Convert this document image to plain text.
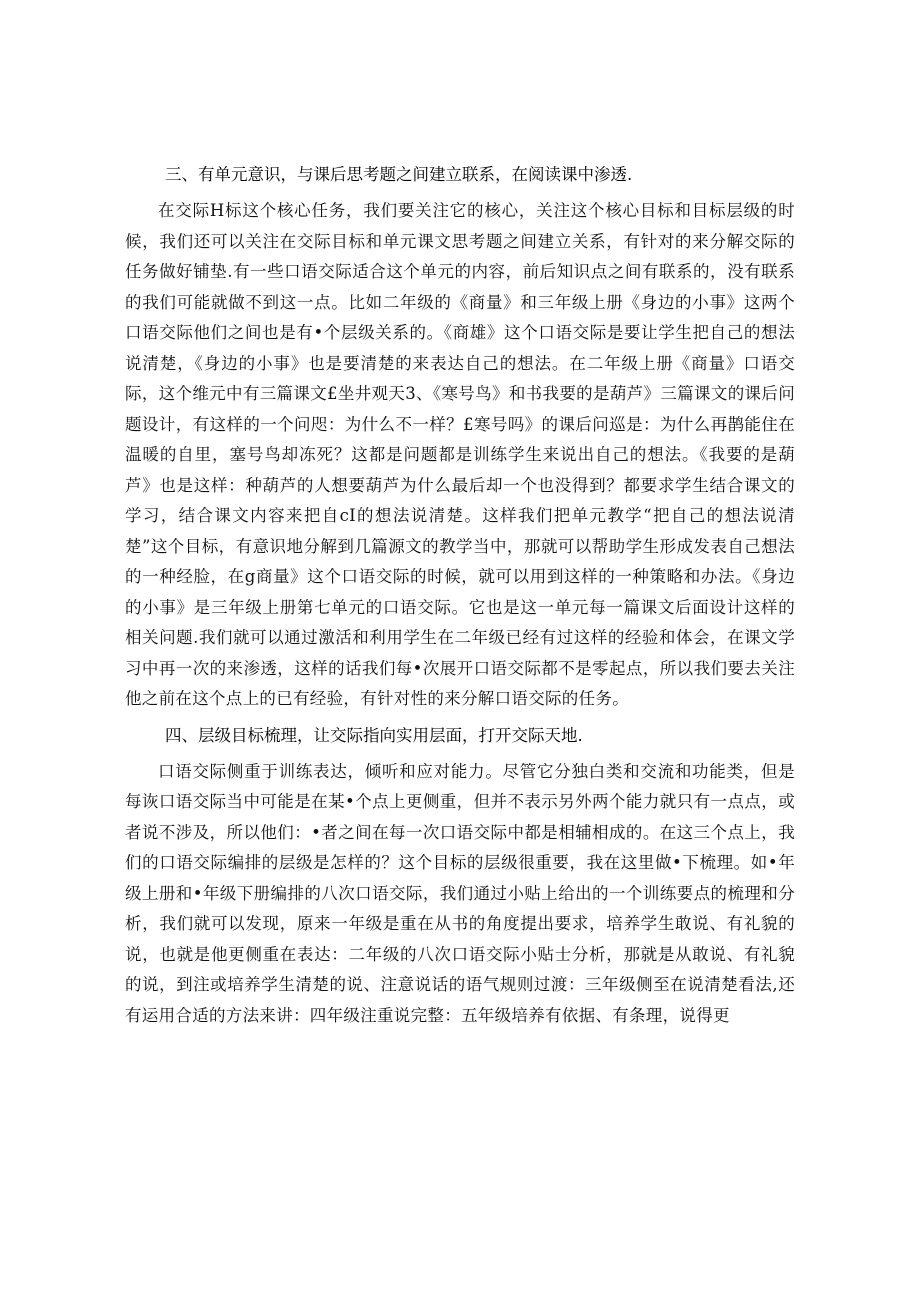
三、有单元意识，与课后思考题之间建立联系，在阅读课中渗透.

在交际H标这个核心任务，我们要关注它的核心，关注这个核心目标和目标层级的时候，我们还可以关注在交际目标和单元课文思考题之间建立关系，有针对的来分解交际的任务做好铺垫.有一些口语交际适合这个单元的内容，前后知识点之间有联系的，没有联系的我们可能就做不到这一点。比如二年级的《商量》和三年级上册《身边的小事》这两个口语交际他们之间也是有•个层级关系的。《商雄》这个口语交际是要让学生把自己的想法说清楚，《身边的小事》也是要清楚的来表达自己的想法。在二年级上册《商量》口语交际，这个维元中有三篇课文£坐井观天3、《寒号鸟》和书我要的是葫芦》三篇课文的课后问题设计，有这样的一个问咫：为什么不一样？£寒号吗》的课后问巡是：为什么再鹊能住在温暖的自里，塞号鸟却冻死？这都是问题都是训练学生来说出自己的想法。《我要的是葫芦》也是这样：种葫芦的人想要葫芦为什么最后却一个也没得到？都要求学生结合课文的学习，结合课文内容来把自cI的想法说清楚。这样我们把单元教学“把自己的想法说清楚”这个目标，有意识地分解到几篇源文的教学当中，那就可以帮助学生形成发表自己想法的一种经脸，在g商量》这个口语交际的时候，就可以用到这样的一种策略和办法。《身边的小事》是三年级上册第七单元的口语交际。它也是这一单元每一篇课文后面设计这样的相关问题.我们就可以通过激活和利用学生在二年级已经有过这样的经验和体会，在课文学习中再一次的来渗透，这样的话我们每•次展开口语交际都不是零起点，所以我们要去关注他之前在这个点上的已有经验，有针对性的来分解口语交际的任务。

四、层级目标梳理，让交际指向实用层面，打开交际天地.

口语交际侧重于训练表达，倾听和应对能力。尽管它分独白类和交流和功能类，但是每诙口语交际当中可能是在某•个点上更侧重，但并不表示另外两个能力就只有一点点，或者说不涉及，所以他们：•者之间在每一次口语交际中都是相辅相成的。在这三个点上，我们的口语交际编排的层级是怎样的？这个目标的层级很重要，我在这里做•下梳理。如•年级上册和•年级下册编排的八次口语交际，我们通过小贴上给出的一个训练要点的梳理和分析，我们就可以发现，原来一年级是重在从书的角度提出要求，培养学生敢说、有礼貌的说，也就是他更侧重在表达：二年级的八次口语交际小贴士分析，那就是从敢说、有礼貌的说，到注或培养学生清楚的说、注意说话的语气规则过渡：三年级侧至在说清楚看法,还有运用合适的方法来讲：四年级注重说完整：五年级培养有依据、有条理，说得更
